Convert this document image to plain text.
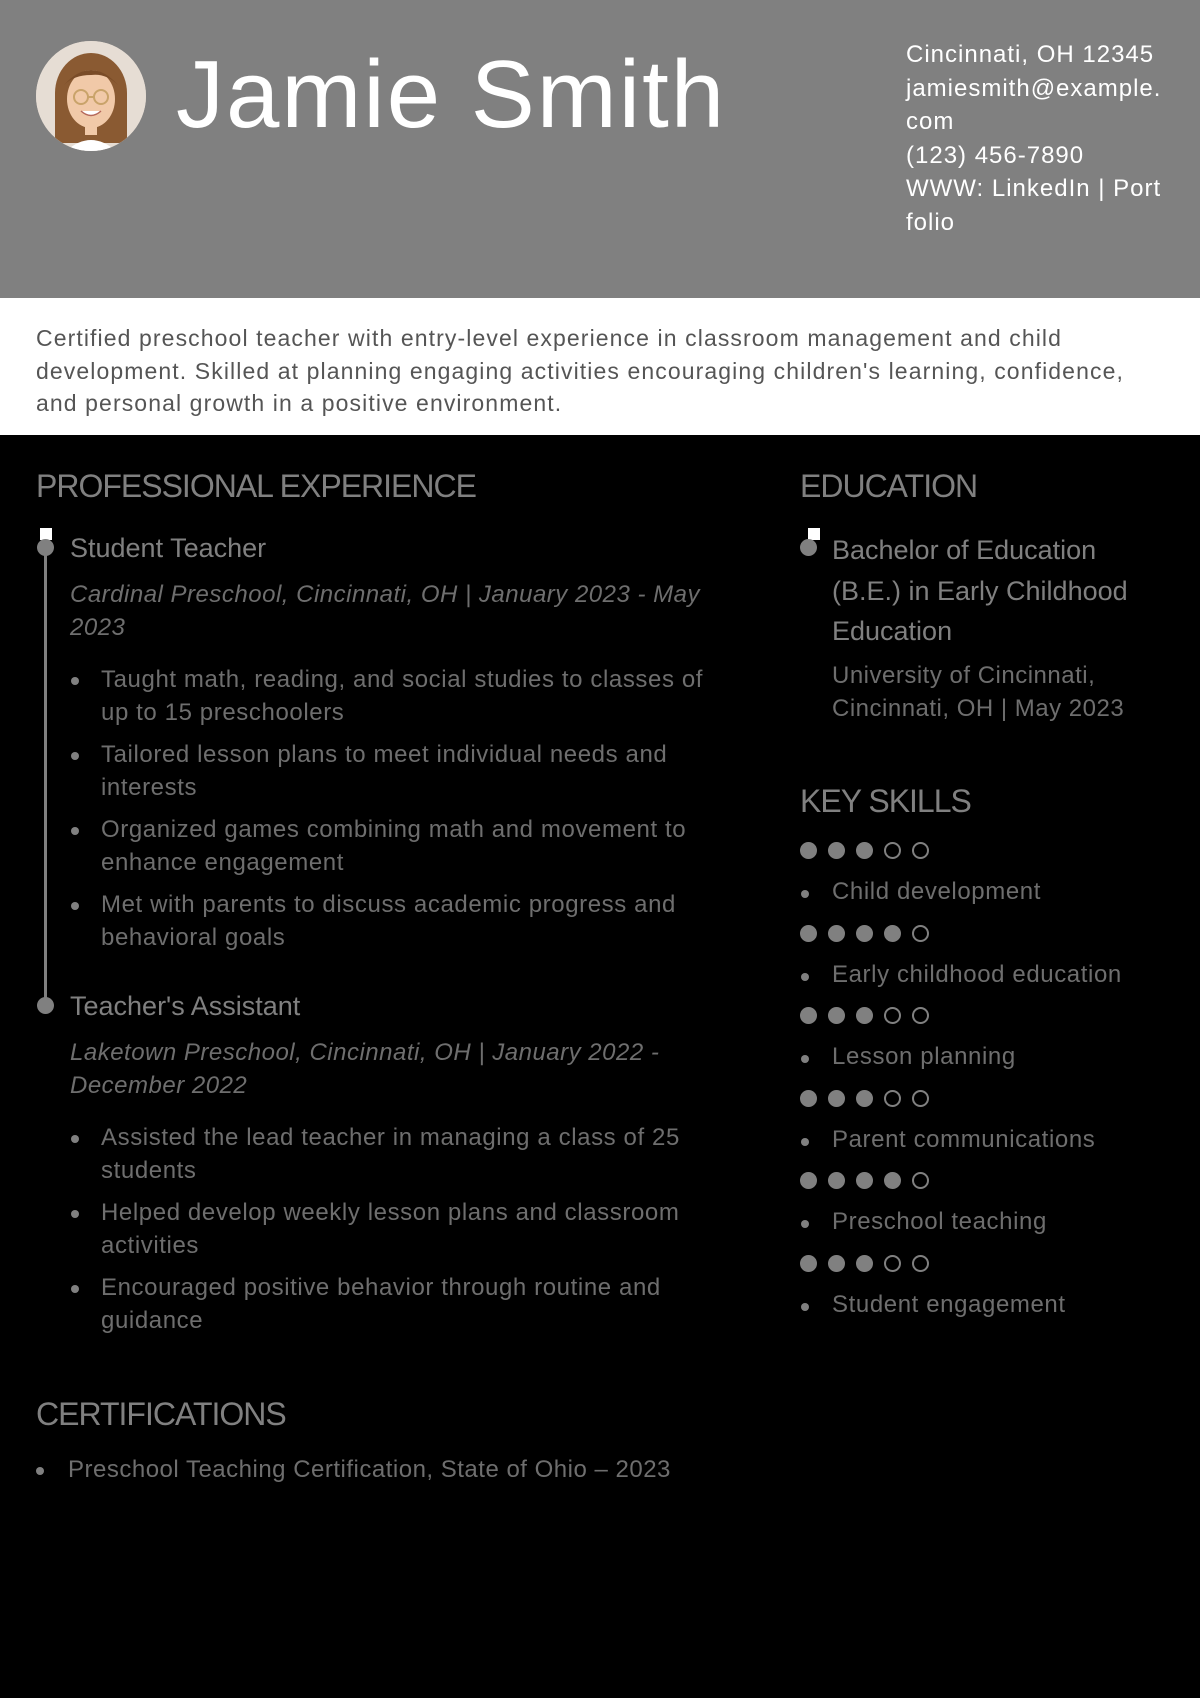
Jamie Smith	Cincinnati, OH 12345
jamiesmith@example.com
(123) 456-7890
WWW: LinkedIn | Portfolio

Certified preschool teacher with entry-level experience in classroom management and child development. Skilled at planning engaging activities encouraging children's learning, confidence, and personal growth in a positive environment.

PROFESSIONAL EXPERIENCE
Student Teacher
Cardinal Preschool, Cincinnati, OH | January 2023 - May 2023
Taught math, reading, and social studies to classes of up to 15 preschoolers
Tailored lesson plans to meet individual needs and interests
Organized games combining math and movement to enhance engagement
Met with parents to discuss academic progress and behavioral goals
Teacher's Assistant
Laketown Preschool, Cincinnati, OH | January 2022 - December 2022
Assisted the lead teacher in managing a class of 25 students
Helped develop weekly lesson plans and classroom activities
Encouraged positive behavior through routine and guidance
EDUCATION
Bachelor of Education (B.E.) in Early Childhood Education
University of Cincinnati, Cincinnati, OH | May 2023
KEY SKILLS
Child development
Early childhood education
Lesson planning
Parent communications
Preschool teaching
Student engagement
CERTIFICATIONS
Preschool Teaching Certification, State of Ohio – 2023
